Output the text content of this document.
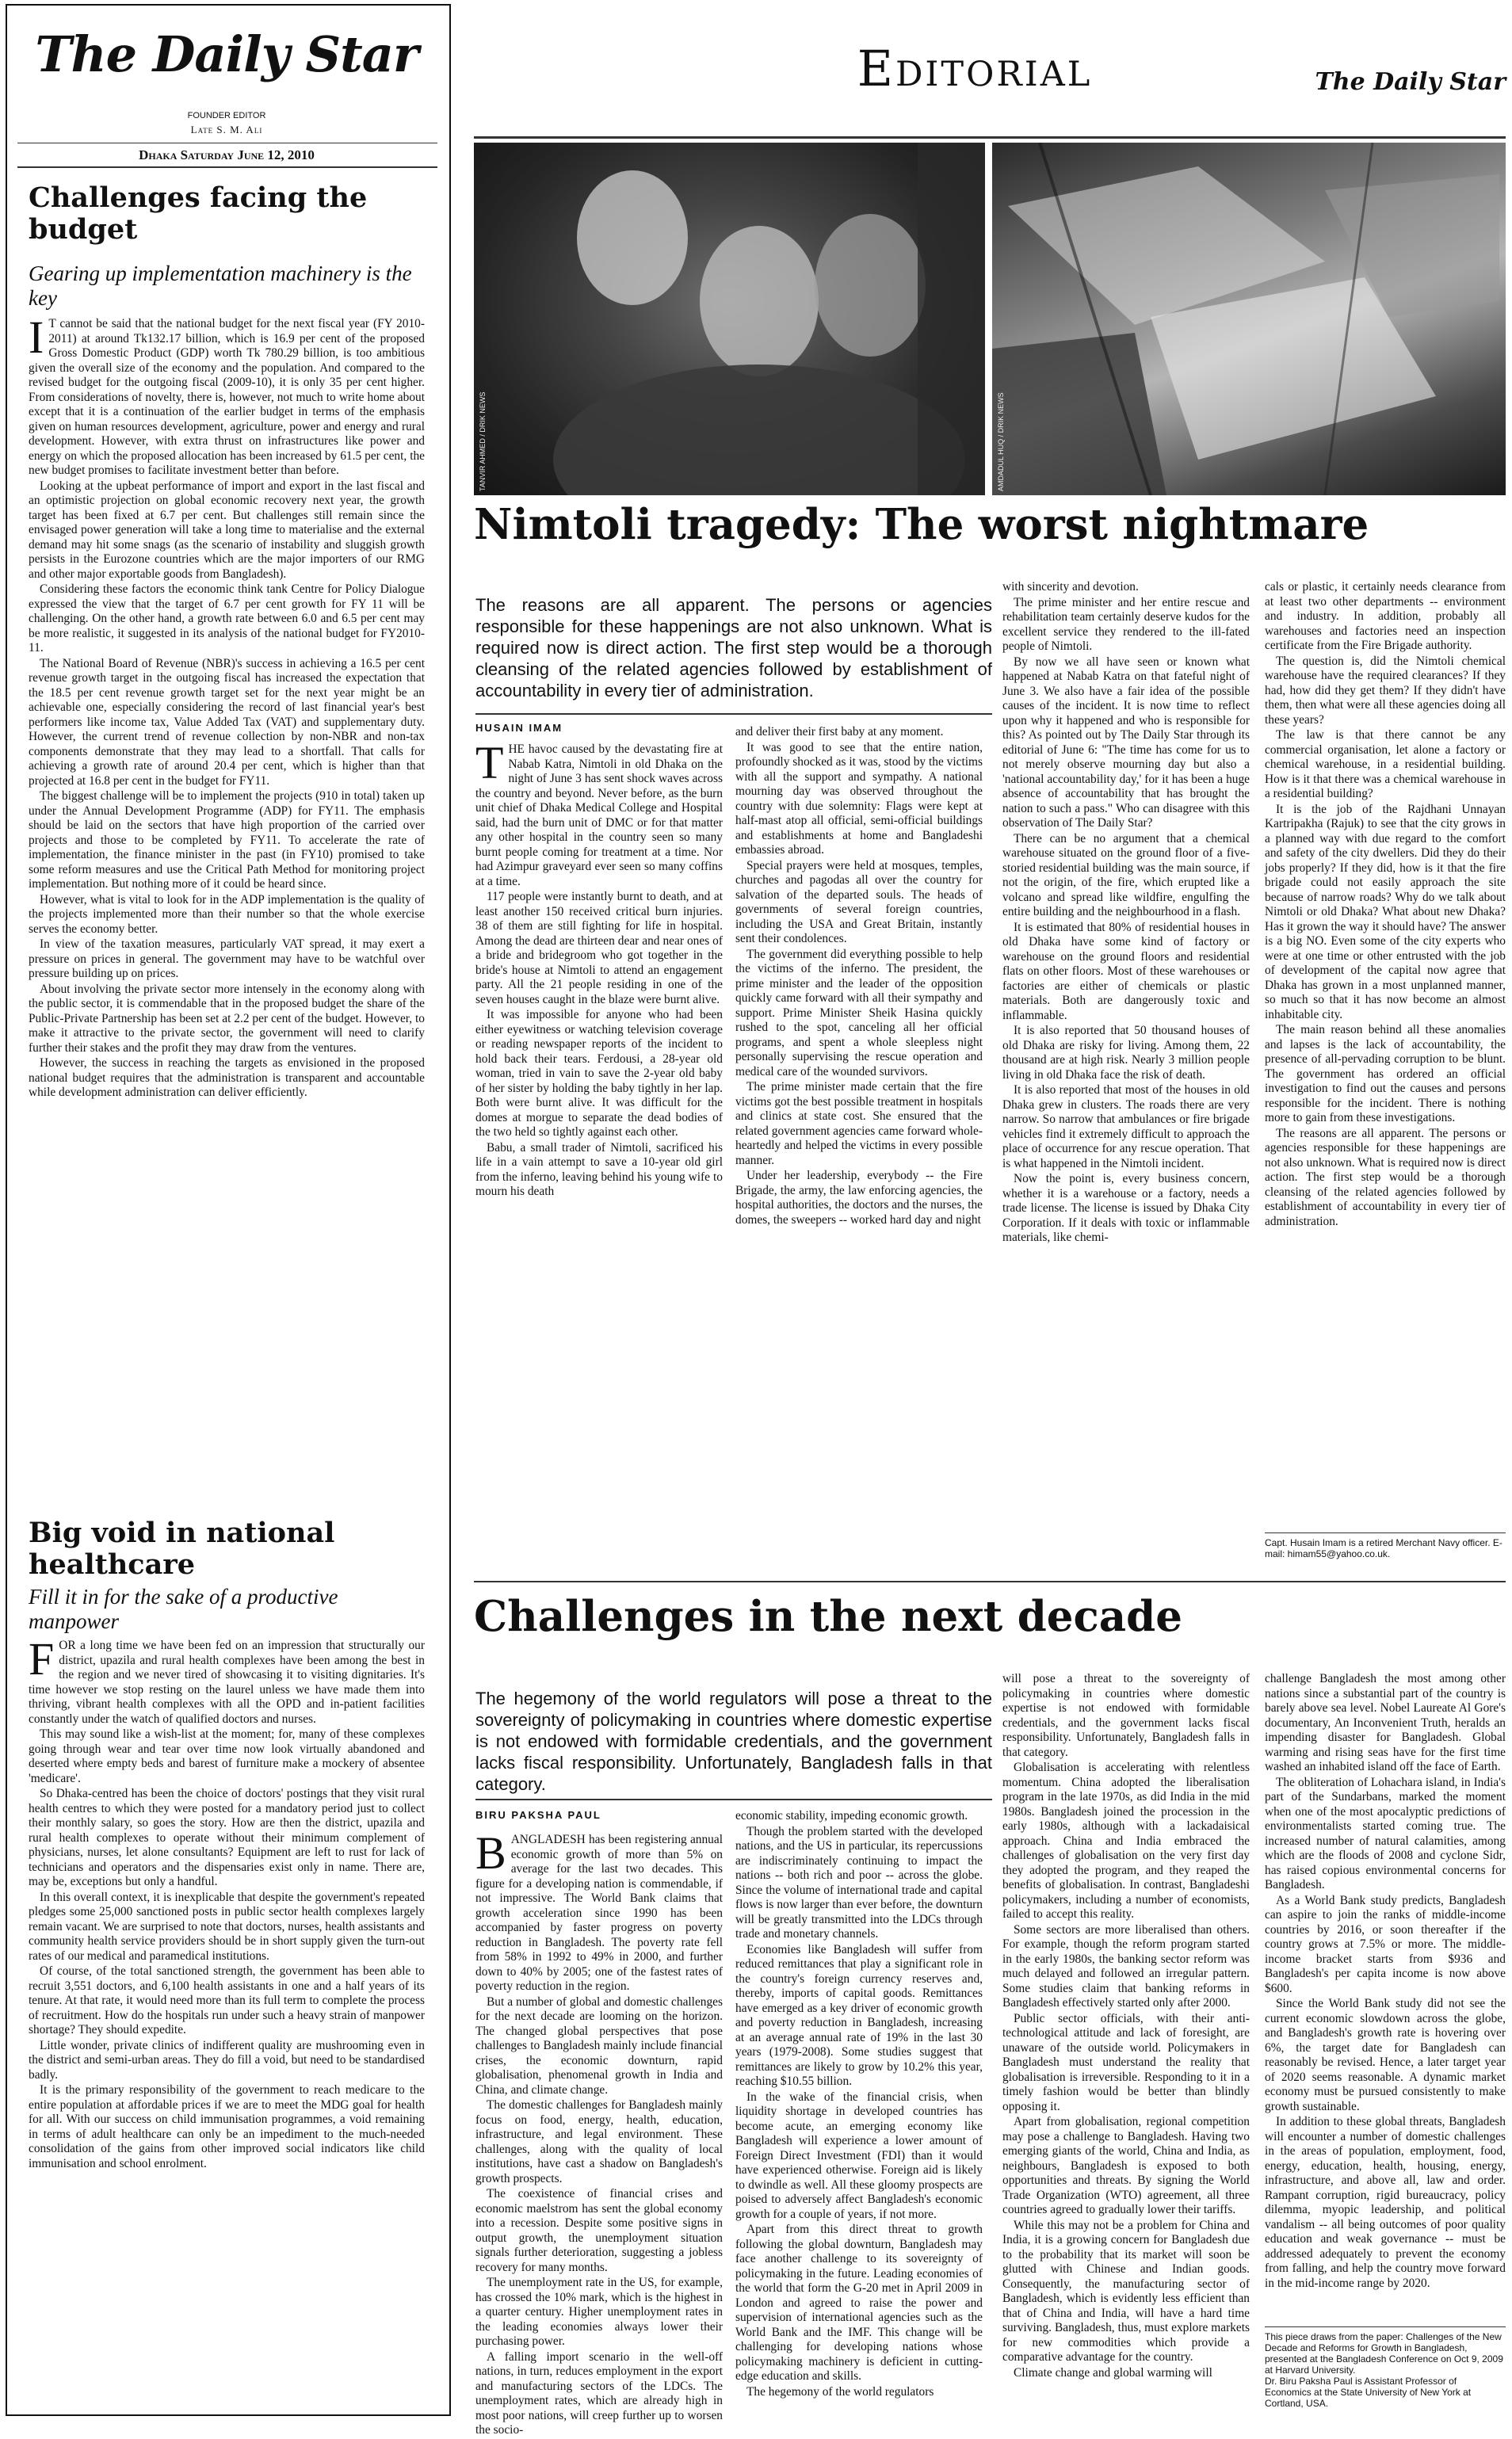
The Daily Star
FOUNDER EDITOR
Late S. M. Ali
Dhaka Saturday June 12, 2010
Challenges facing the budget
Gearing up implementation machinery is the key

I T cannot be said that the national budget for the next fiscal year (FY 2010-2011) at around Tk132.17 billion, which is 16.9 per cent of the proposed Gross Domestic Product (GDP) worth Tk 780.29 billion, is too ambitious given the overall size of the economy and the population. And compared to the revised budget for the outgoing fiscal (2009-10), it is only 35 per cent higher. From considerations of novelty, there is, however, not much to write home about except that it is a continuation of the earlier budget in terms of the emphasis given on human resources development, agriculture, power and energy and rural development. However, with extra thrust on infrastructures like power and energy on which the proposed allocation has been increased by 61.5 per cent, the new budget promises to facilitate investment better than before.

Looking at the upbeat performance of import and export in the last fiscal and an optimistic projection on global economic recovery next year, the growth target has been fixed at 6.7 per cent. But challenges still remain since the envisaged power generation will take a long time to materialise and the external demand may hit some snags (as the scenario of instability and sluggish growth persists in the Eurozone countries which are the major importers of our RMG and other major exportable goods from Bangladesh).

Considering these factors the economic think tank Centre for Policy Dialogue expressed the view that the target of 6.7 per cent growth for FY 11 will be challenging. On the other hand, a growth rate between 6.0 and 6.5 per cent may be more realistic, it suggested in its analysis of the national budget for FY2010-11.

The National Board of Revenue (NBR)'s success in achieving a 16.5 per cent revenue growth target in the outgoing fiscal has increased the expectation that the 18.5 per cent revenue growth target set for the next year might be an achievable one, especially considering the record of last financial year's best performers like income tax, Value Added Tax (VAT) and supplementary duty. However, the current trend of revenue collection by non-NBR and non-tax components demonstrate that they may lead to a shortfall. That calls for achieving a growth rate of around 20.4 per cent, which is higher than that projected at 16.8 per cent in the budget for FY11.

The biggest challenge will be to implement the projects (910 in total) taken up under the Annual Development Programme (ADP) for FY11. The emphasis should be laid on the sectors that have high proportion of the carried over projects and those to be completed by FY11. To accelerate the rate of implementation, the finance minister in the past (in FY10) promised to take some reform measures and use the Critical Path Method for monitoring project implementation. But nothing more of it could be heard since.

However, what is vital to look for in the ADP implementation is the quality of the projects implemented more than their number so that the whole exercise serves the economy better.

In view of the taxation measures, particularly VAT spread, it may exert a pressure on prices in general. The government may have to be watchful over pressure building up on prices.

About involving the private sector more intensely in the economy along with the public sector, it is commendable that in the proposed budget the share of the Public-Private Partnership has been set at 2.2 per cent of the budget. However, to make it attractive to the private sector, the government will need to clarify further their stakes and the profit they may draw from the ventures.

However, the success in reaching the targets as envisioned in the proposed national budget requires that the administration is transparent and accountable while development administration can deliver efficiently.

Big void in national healthcare
Fill it in for the sake of a productive manpower

FOR a long time we have been fed on an impression that structurally our district, upazila and rural health complexes have been among the best in the region and we never tired of showcasing it to visiting dignitaries. It's time however we stop resting on the laurel unless we have made them into thriving, vibrant health complexes with all the OPD and in-patient facilities constantly under the watch of qualified doctors and nurses.

This may sound like a wish-list at the moment; for, many of these complexes going through wear and tear over time now look virtually abandoned and deserted where empty beds and barest of furniture make a mockery of absentee 'medicare'.

So Dhaka-centred has been the choice of doctors' postings that they visit rural health centres to which they were posted for a mandatory period just to collect their monthly salary, so goes the story. How are then the district, upazila and rural health complexes to operate without their minimum complement of physicians, nurses, let alone consultants? Equipment are left to rust for lack of technicians and operators and the dispensaries exist only in name. There are, may be, exceptions but only a handful.

In this overall context, it is inexplicable that despite the government's repeated pledges some 25,000 sanctioned posts in public sector health complexes largely remain vacant. We are surprised to note that doctors, nurses, health assistants and community health service providers should be in short supply given the turn-out rates of our medical and paramedical institutions.

Of course, of the total sanctioned strength, the government has been able to recruit 3,551 doctors, and 6,100 health assistants in one and a half years of its tenure. At that rate, it would need more than its full term to complete the process of recruitment. How do the hospitals run under such a heavy strain of manpower shortage? They should expedite.

Little wonder, private clinics of indifferent quality are mushrooming even in the district and semi-urban areas. They do fill a void, but need to be standardised badly.

It is the primary responsibility of the government to reach medicare to the entire population at affordable prices if we are to meet the MDG goal for health for all. With our success on child immunisation programmes, a void remaining in terms of adult healthcare can only be an impediment to the much-needed consolidation of the gains from other improved social indicators like child immunisation and school enrolment.

Editorial	The Daily Star
TANVIR AHMED / DRIK NEWS	AMDADUL HUQ / DRIK NEWS
Nimtoli tragedy: The worst nightmare
The reasons are all apparent. The persons or agencies responsible for these happenings are not also unknown. What is required now is direct action. The first step would be a thorough cleansing of the related agencies followed by establishment of accountability in every tier of administration.
HUSAIN IMAM

THE havoc caused by the devastating fire at Nabab Katra, Nimtoli in old Dhaka on the night of June 3 has sent shock waves across the country and beyond. Never before, as the burn unit chief of Dhaka Medical College and Hospital said, had the burn unit of DMC or for that matter any other hospital in the country seen so many burnt people coming for treatment at a time. Nor had Azimpur graveyard ever seen so many coffins at a time.

117 people were instantly burnt to death, and at least another 150 received critical burn injuries. 38 of them are still fighting for life in hospital. Among the dead are thirteen dear and near ones of a bride and bridegroom who got together in the bride's house at Nimtoli to attend an engagement party. All the 21 people residing in one of the seven houses caught in the blaze were burnt alive.

It was impossible for anyone who had been either eyewitness or watching television coverage or reading newspaper reports of the incident to hold back their tears. Ferdousi, a 28-year old woman, tried in vain to save the 2-year old baby of her sister by holding the baby tightly in her lap. Both were burnt alive. It was difficult for the domes at morgue to separate the dead bodies of the two held so tightly against each other.

Babu, a small trader of Nimtoli, sacrificed his life in a vain attempt to save a 10-year old girl from the inferno, leaving behind his young wife to mourn his death

and deliver their first baby at any moment.

It was good to see that the entire nation, profoundly shocked as it was, stood by the victims with all the support and sympathy. A national mourning day was observed throughout the country with due solemnity: Flags were kept at half-mast atop all official, semi-official buildings and establishments at home and Bangladeshi embassies abroad.

Special prayers were held at mosques, temples, churches and pagodas all over the country for salvation of the departed souls. The heads of governments of several foreign countries, including the USA and Great Britain, instantly sent their condolences.

The government did everything possible to help the victims of the inferno. The president, the prime minister and the leader of the opposition quickly came forward with all their sympathy and support. Prime Minister Sheik Hasina quickly rushed to the spot, canceling all her official programs, and spent a whole sleepless night personally supervising the rescue operation and medical care of the wounded survivors.

The prime minister made certain that the fire victims got the best possible treatment in hospitals and clinics at state cost. She ensured that the related government agencies came forward whole-heartedly and helped the victims in every possible manner.

Under her leadership, everybody -- the Fire Brigade, the army, the law enforcing agencies, the hospital authorities, the doctors and the nurses, the domes, the sweepers -- worked hard day and night

with sincerity and devotion.

The prime minister and her entire rescue and rehabilitation team certainly deserve kudos for the excellent service they rendered to the ill-fated people of Nimtoli.

By now we all have seen or known what happened at Nabab Katra on that fateful night of June 3. We also have a fair idea of the possible causes of the incident. It is now time to reflect upon why it happened and who is responsible for this? As pointed out by The Daily Star through its editorial of June 6: "The time has come for us to not merely observe mourning day but also a 'national accountability day,' for it has been a huge absence of accountability that has brought the nation to such a pass." Who can disagree with this observation of The Daily Star?

There can be no argument that a chemical warehouse situated on the ground floor of a five-storied residential building was the main source, if not the origin, of the fire, which erupted like a volcano and spread like wildfire, engulfing the entire building and the neighbourhood in a flash.

It is estimated that 80% of residential houses in old Dhaka have some kind of factory or warehouse on the ground floors and residential flats on other floors. Most of these warehouses or factories are either of chemicals or plastic materials. Both are dangerously toxic and inflammable.

It is also reported that 50 thousand houses of old Dhaka are risky for living. Among them, 22 thousand are at high risk. Nearly 3 million people living in old Dhaka face the risk of death.

It is also reported that most of the houses in old Dhaka grew in clusters. The roads there are very narrow. So narrow that ambulances or fire brigade vehicles find it extremely difficult to approach the place of occurrence for any rescue operation. That is what happened in the Nimtoli incident.

Now the point is, every business concern, whether it is a warehouse or a factory, needs a trade license. The license is issued by Dhaka City Corporation. If it deals with toxic or inflammable materials, like chemi-

cals or plastic, it certainly needs clearance from at least two other departments -- environment and industry. In addition, probably all warehouses and factories need an inspection certificate from the Fire Brigade authority.

The question is, did the Nimtoli chemical warehouse have the required clearances? If they had, how did they get them? If they didn't have them, then what were all these agencies doing all these years?

The law is that there cannot be any commercial organisation, let alone a factory or chemical warehouse, in a residential building. How is it that there was a chemical warehouse in a residential building?

It is the job of the Rajdhani Unnayan Kartripakha (Rajuk) to see that the city grows in a planned way with due regard to the comfort and safety of the city dwellers. Did they do their jobs properly? If they did, how is it that the fire brigade could not easily approach the site because of narrow roads? Why do we talk about Nimtoli or old Dhaka? What about new Dhaka? Has it grown the way it should have? The answer is a big NO. Even some of the city experts who were at one time or other entrusted with the job of development of the capital now agree that Dhaka has grown in a most unplanned manner, so much so that it has now become an almost inhabitable city.

The main reason behind all these anomalies and lapses is the lack of accountability, the presence of all-pervading corruption to be blunt. The government has ordered an official investigation to find out the causes and persons responsible for the incident. There is nothing more to gain from these investigations.

The reasons are all apparent. The persons or agencies responsible for these happenings are not also unknown. What is required now is direct action. The first step would be a thorough cleansing of the related agencies followed by establishment of accountability in every tier of administration.

Capt. Husain Imam is a retired Merchant Navy officer. E-mail: himam55@yahoo.co.uk.
Challenges in the next decade
The hegemony of the world regulators will pose a threat to the sovereignty of policymaking in countries where domestic expertise is not endowed with formidable credentials, and the government lacks fiscal responsibility. Unfortunately, Bangladesh falls in that category.
BIRU PAKSHA PAUL

BANGLADESH has been registering annual economic growth of more than 5% on average for the last two decades. This figure for a developing nation is commendable, if not impressive. The World Bank claims that growth acceleration since 1990 has been accompanied by faster progress on poverty reduction in Bangladesh. The poverty rate fell from 58% in 1992 to 49% in 2000, and further down to 40% by 2005; one of the fastest rates of poverty reduction in the region.

But a number of global and domestic challenges for the next decade are looming on the horizon. The changed global perspectives that pose challenges to Bangladesh mainly include financial crises, the economic downturn, rapid globalisation, phenomenal growth in India and China, and climate change.

The domestic challenges for Bangladesh mainly focus on food, energy, health, education, infrastructure, and legal environment. These challenges, along with the quality of local institutions, have cast a shadow on Bangladesh's growth prospects.

The coexistence of financial crises and economic maelstrom has sent the global economy into a recession. Despite some positive signs in output growth, the unemployment situation signals further deterioration, suggesting a jobless recovery for many months.

The unemployment rate in the US, for example, has crossed the 10% mark, which is the highest in a quarter century. Higher unemployment rates in the leading economies always lower their purchasing power.

A falling import scenario in the well-off nations, in turn, reduces employment in the export and manufacturing sectors of the LDCs. The unemployment rates, which are already high in most poor nations, will creep further up to worsen the socio-

economic stability, impeding economic growth.

Though the problem started with the developed nations, and the US in particular, its repercussions are indiscriminately continuing to impact the nations -- both rich and poor -- across the globe. Since the volume of international trade and capital flows is now larger than ever before, the downturn will be greatly transmitted into the LDCs through trade and monetary channels.

Economies like Bangladesh will suffer from reduced remittances that play a significant role in the country's foreign currency reserves and, thereby, imports of capital goods. Remittances have emerged as a key driver of economic growth and poverty reduction in Bangladesh, increasing at an average annual rate of 19% in the last 30 years (1979-2008). Some studies suggest that remittances are likely to grow by 10.2% this year, reaching $10.55 billion.

In the wake of the financial crisis, when liquidity shortage in developed countries has become acute, an emerging economy like Bangladesh will experience a lower amount of Foreign Direct Investment (FDI) than it would have experienced otherwise. Foreign aid is likely to dwindle as well. All these gloomy prospects are poised to adversely affect Bangladesh's economic growth for a couple of years, if not more.

Apart from this direct threat to growth following the global downturn, Bangladesh may face another challenge to its sovereignty of policymaking in the future. Leading economies of the world that form the G-20 met in April 2009 in London and agreed to raise the power and supervision of international agencies such as the World Bank and the IMF. This change will be challenging for developing nations whose policymaking machinery is deficient in cutting-edge education and skills.

The hegemony of the world regulators

will pose a threat to the sovereignty of policymaking in countries where domestic expertise is not endowed with formidable credentials, and the government lacks fiscal responsibility. Unfortunately, Bangladesh falls in that category.

Globalisation is accelerating with relentless momentum. China adopted the liberalisation program in the late 1970s, as did India in the mid 1980s. Bangladesh joined the procession in the early 1980s, although with a lackadaisical approach. China and India embraced the challenges of globalisation on the very first day they adopted the program, and they reaped the benefits of globalisation. In contrast, Bangladeshi policymakers, including a number of economists, failed to accept this reality.

Some sectors are more liberalised than others. For example, though the reform program started in the early 1980s, the banking sector reform was much delayed and followed an irregular pattern. Some studies claim that banking reforms in Bangladesh effectively started only after 2000.

Public sector officials, with their anti-technological attitude and lack of foresight, are unaware of the outside world. Policymakers in Bangladesh must understand the reality that globalisation is irreversible. Responding to it in a timely fashion would be better than blindly opposing it.

Apart from globalisation, regional competition may pose a challenge to Bangladesh. Having two emerging giants of the world, China and India, as neighbours, Bangladesh is exposed to both opportunities and threats. By signing the World Trade Organization (WTO) agreement, all three countries agreed to gradually lower their tariffs.

While this may not be a problem for China and India, it is a growing concern for Bangladesh due to the probability that its market will soon be glutted with Chinese and Indian goods. Consequently, the manufacturing sector of Bangladesh, which is evidently less efficient than that of China and India, will have a hard time surviving. Bangladesh, thus, must explore markets for new commodities which provide a comparative advantage for the country.

Climate change and global warming will

challenge Bangladesh the most among other nations since a substantial part of the country is barely above sea level. Nobel Laureate Al Gore's documentary, An Inconvenient Truth, heralds an impending disaster for Bangladesh. Global warming and rising seas have for the first time washed an inhabited island off the face of Earth.

The obliteration of Lohachara island, in India's part of the Sundarbans, marked the moment when one of the most apocalyptic predictions of environmentalists started coming true. The increased number of natural calamities, among which are the floods of 2008 and cyclone Sidr, has raised copious environmental concerns for Bangladesh.

As a World Bank study predicts, Bangladesh can aspire to join the ranks of middle-income countries by 2016, or soon thereafter if the country grows at 7.5% or more. The middle-income bracket starts from $936 and Bangladesh's per capita income is now above $600.

Since the World Bank study did not see the current economic slowdown across the globe, and Bangladesh's growth rate is hovering over 6%, the target date for Bangladesh can reasonably be revised. Hence, a later target year of 2020 seems reasonable. A dynamic market economy must be pursued consistently to make growth sustainable.

In addition to these global threats, Bangladesh will encounter a number of domestic challenges in the areas of population, employment, food, energy, education, health, housing, energy, infrastructure, and above all, law and order. Rampant corruption, rigid bureaucracy, policy dilemma, myopic leadership, and political vandalism -- all being outcomes of poor quality education and weak governance -- must be addressed adequately to prevent the economy from falling, and help the country move forward in the mid-income range by 2020.

This piece draws from the paper: Challenges of the New Decade and Reforms for Growth in Bangladesh, presented at the Bangladesh Conference on Oct 9, 2009 at Harvard University.
Dr. Biru Paksha Paul is Assistant Professor of Economics at the State University of New York at Cortland, USA.
